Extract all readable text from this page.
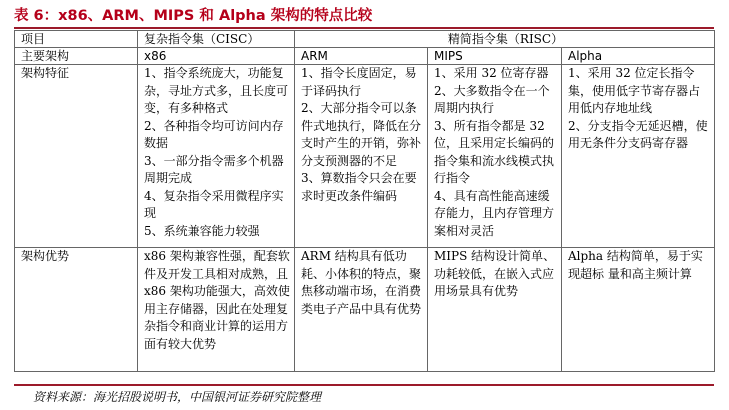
表 6：x86、ARM、MIPS 和 Alpha 架构的特点比较
项目	复杂指令集（CISC）	精简指令集（RISC）		
主要架构	x86	ARM	MIPS	Alpha
架构特征	1、指令系统庞大，功能复杂，寻址方式多，且长度可变，有多种格式
2、各种指令均可访问内存数据
3、一部分指令需多个机器周期完成
4、复杂指令采用微程序实现
5、系统兼容能力较强	1、指令长度固定，易于译码执行
2、大部分指令可以条件式地执行，降低在分支时产生的开销，弥补分支预测器的不足
3、算数指令只会在要求时更改条件编码	1、采用 32 位寄存器
2、大多数指令在一个周期内执行
3、所有指令都是 32 位，且采用定长编码的指令集和流水线模式执行指令
4、具有高性能高速缓存能力，且内存管理方案相对灵活	1、采用 32 位定长指令集，使用低字节寄存器占用低内存地址线
2、分支指令无延迟槽，使用无条件分支码寄存器

架构优势	x86 架构兼容性强，配套软件及开发工具相对成熟，且 x86 架构功能强大，高效使用主存储器，因此在处理复杂指令和商业计算的运用方面有较大优势	ARM 结构具有低功耗、小体积的特点，聚焦移动端市场，在消费类电子产品中具有优势	MIPS 结构设计简单、功耗较低，在嵌入式应用场景具有优势	Alpha 结构简单，易于实现超标 量和高主频计算
资料来源：海光招股说明书，中国银河证券研究院整理
